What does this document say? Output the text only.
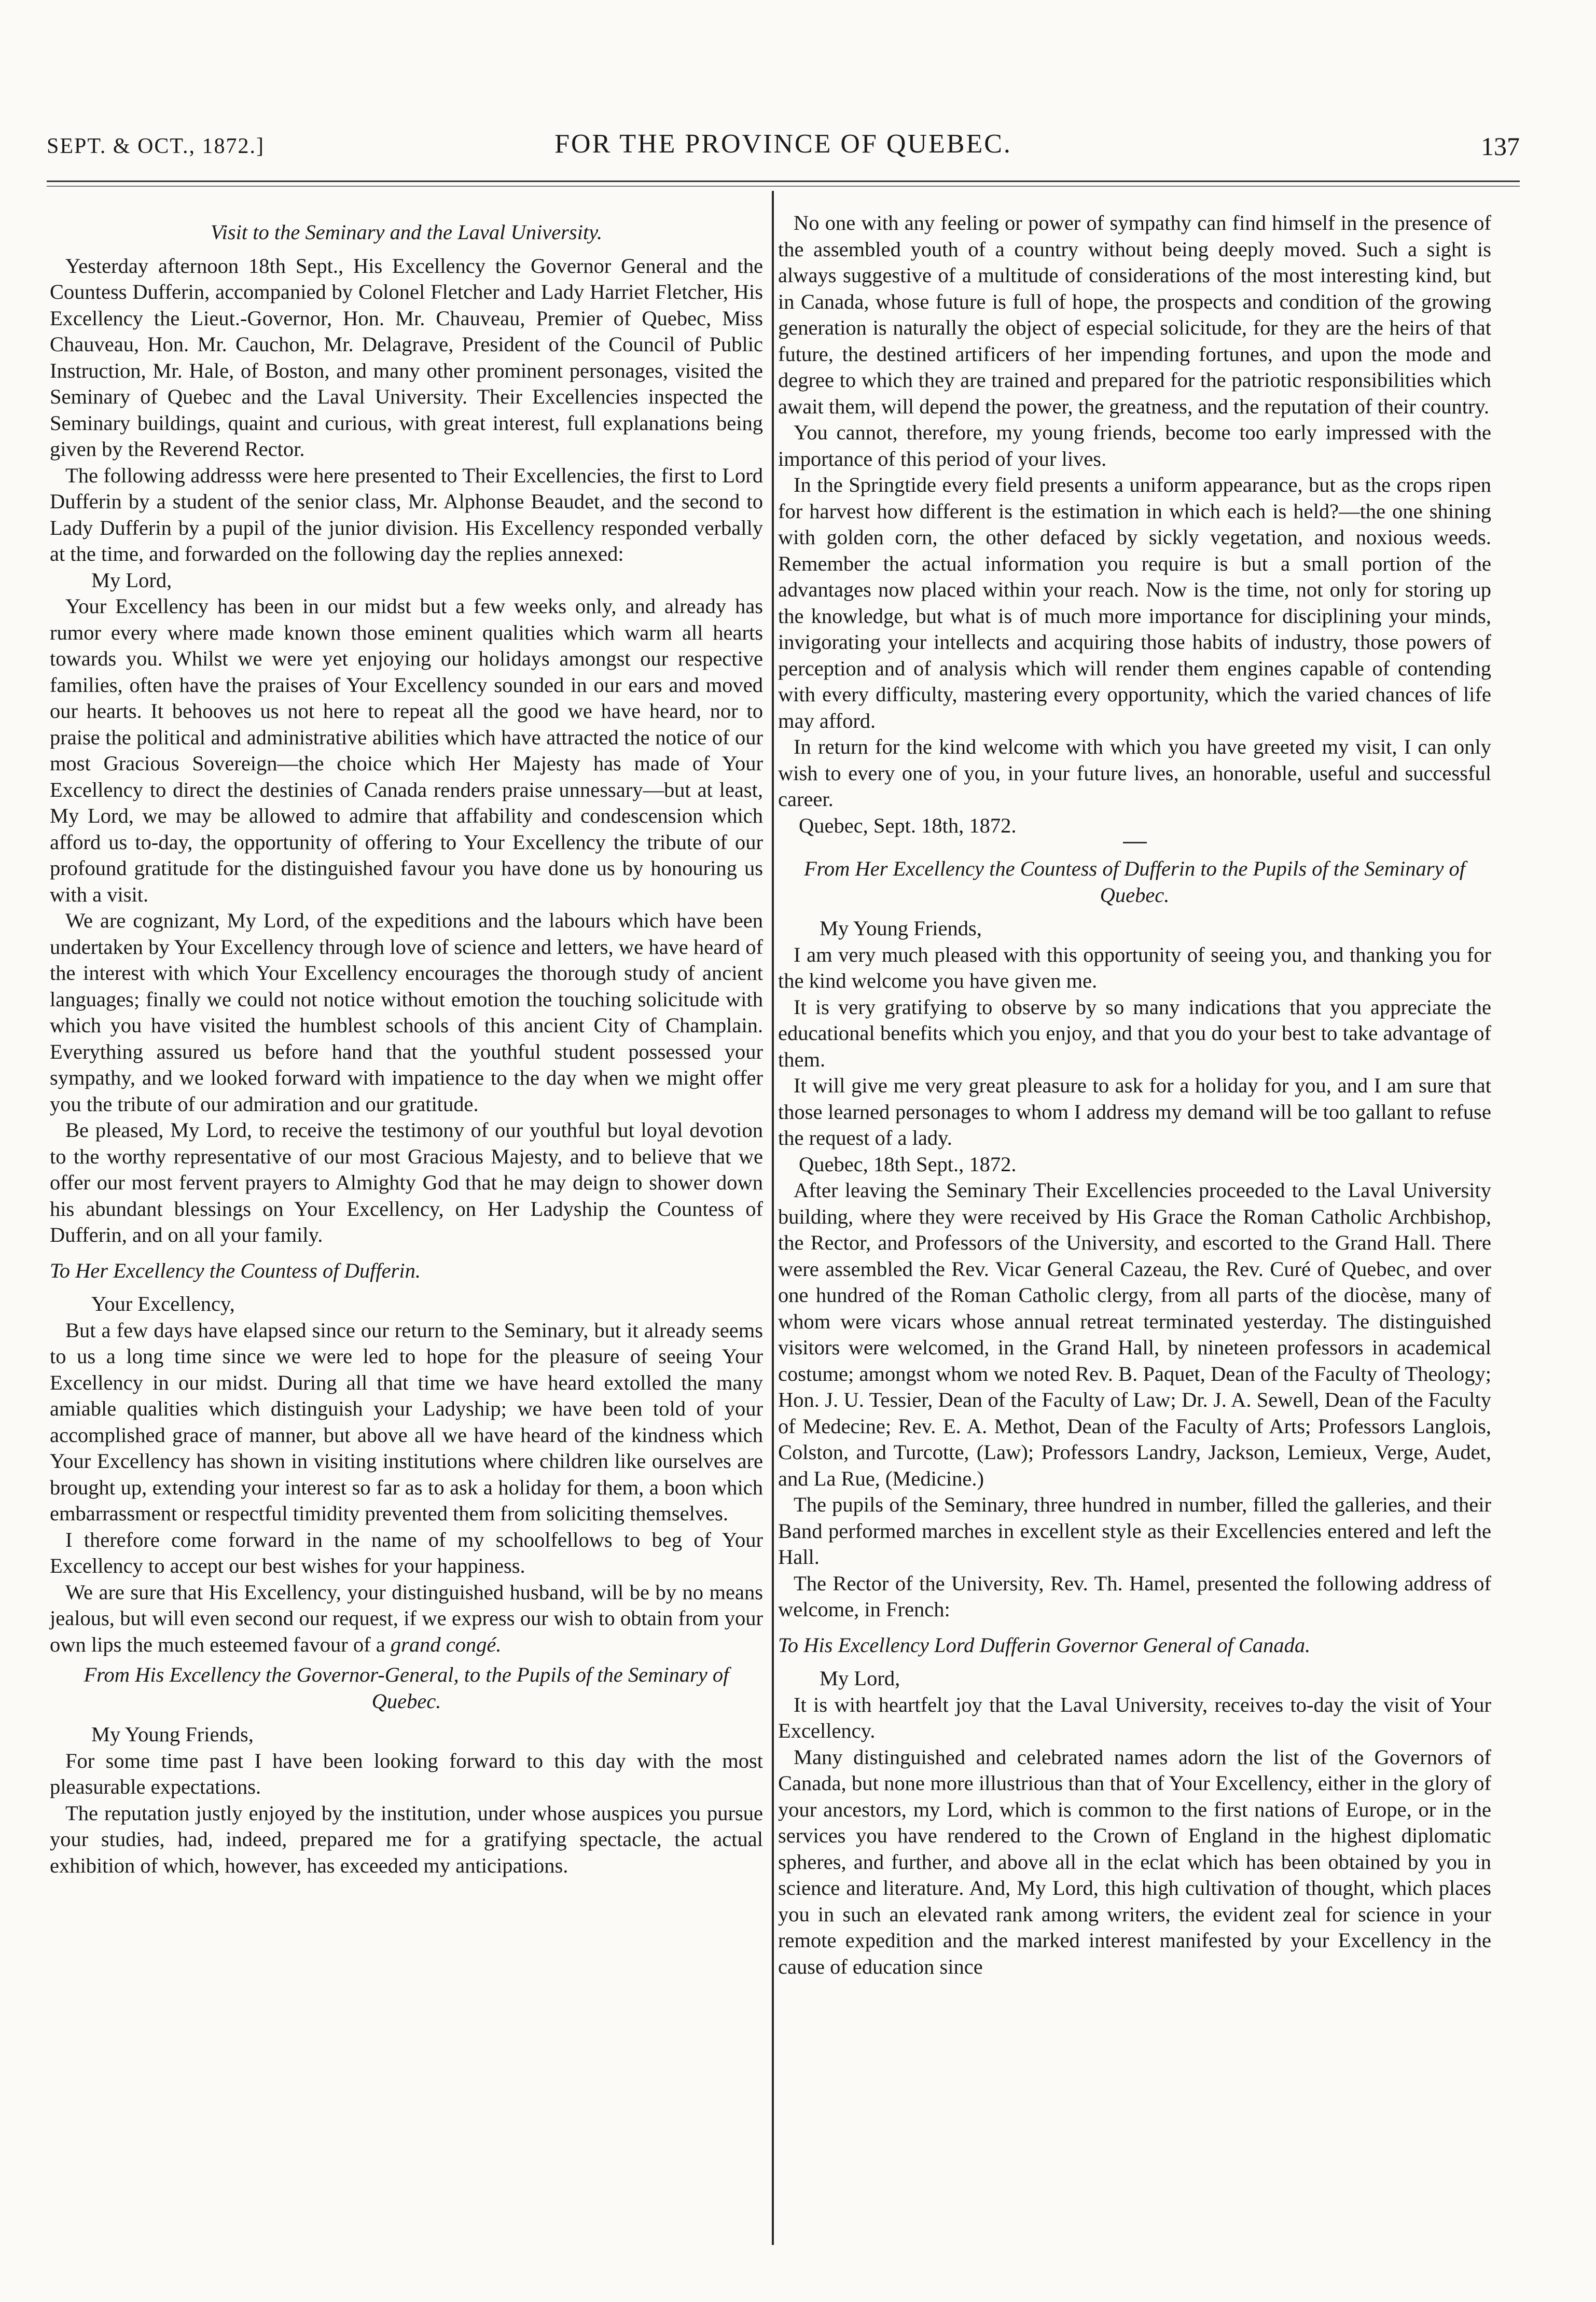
SEPT. & OCT., 1872.]	FOR THE PROVINCE OF QUEBEC.	137

Visit to the Seminary and the Laval University.

Yesterday afternoon 18th Sept., His Excellency the Governor General and the Countess Dufferin, accompanied by Colonel Fletcher and Lady Harriet Fletcher, His Excellency the Lieut.-Governor, Hon. Mr. Chauveau, Premier of Quebec, Miss Chauveau, Hon. Mr. Cauchon, Mr. Delagrave, President of the Council of Public Instruction, Mr. Hale, of Boston, and many other prominent personages, visited the Seminary of Quebec and the Laval University. Their Excellencies inspected the Seminary buildings, quaint and curious, with great interest, full explanations being given by the Reverend Rector.

The following addresss were here presented to Their Excellencies, the first to Lord Dufferin by a student of the senior class, Mr. Alphonse Beaudet, and the second to Lady Dufferin by a pupil of the junior division. His Excellency responded verbally at the time, and forwarded on the following day the replies annexed:

My Lord,

Your Excellency has been in our midst but a few weeks only, and already has rumor every where made known those eminent qualities which warm all hearts towards you. Whilst we were yet enjoying our holidays amongst our respective families, often have the praises of Your Excellency sounded in our ears and moved our hearts. It behooves us not here to repeat all the good we have heard, nor to praise the political and administrative abilities which have attracted the notice of our most Gracious Sovereign—the choice which Her Majesty has made of Your Excellency to direct the destinies of Canada renders praise unnessary—but at least, My Lord, we may be allowed to admire that affability and condescension which afford us to-day, the opportunity of offering to Your Excellency the tribute of our profound gratitude for the distinguished favour you have done us by honouring us with a visit.

We are cognizant, My Lord, of the expeditions and the labours which have been undertaken by Your Excellency through love of science and letters, we have heard of the interest with which Your Excellency encourages the thorough study of ancient languages; finally we could not notice without emotion the touching solicitude with which you have visited the humblest schools of this ancient City of Champlain. Everything assured us before hand that the youthful student possessed your sympathy, and we looked forward with impatience to the day when we might offer you the tribute of our admiration and our gratitude.

Be pleased, My Lord, to receive the testimony of our youthful but loyal devotion to the worthy representative of our most Gracious Majesty, and to believe that we offer our most fervent prayers to Almighty God that he may deign to shower down his abundant blessings on Your Excellency, on Her Ladyship the Countess of Dufferin, and on all your family.

To Her Excellency the Countess of Dufferin.

Your Excellency,

But a few days have elapsed since our return to the Seminary, but it already seems to us a long time since we were led to hope for the pleasure of seeing Your Excellency in our midst. During all that time we have heard extolled the many amiable qualities which distinguish your Ladyship; we have been told of your accomplished grace of manner, but above all we have heard of the kindness which Your Excellency has shown in visiting institutions where children like ourselves are brought up, extending your interest so far as to ask a holiday for them, a boon which embarrassment or respectful timidity prevented them from soliciting themselves.

I therefore come forward in the name of my schoolfellows to beg of Your Excellency to accept our best wishes for your happiness.

We are sure that His Excellency, your distinguished husband, will be by no means jealous, but will even second our request, if we express our wish to obtain from your own lips the much esteemed favour of a grand congé.

From His Excellency the Governor-General, to the Pupils of the Seminary of Quebec.

My Young Friends,

For some time past I have been looking forward to this day with the most pleasurable expectations.

The reputation justly enjoyed by the institution, under whose auspices you pursue your studies, had, indeed, prepared me for a gratifying spectacle, the actual exhibition of which, however, has exceeded my anticipations.

No one with any feeling or power of sympathy can find himself in the presence of the assembled youth of a country without being deeply moved. Such a sight is always suggestive of a multitude of considerations of the most interesting kind, but in Canada, whose future is full of hope, the prospects and condition of the growing generation is naturally the object of especial solicitude, for they are the heirs of that future, the destined artificers of her impending fortunes, and upon the mode and degree to which they are trained and prepared for the patriotic responsibilities which await them, will depend the power, the greatness, and the reputation of their country.

You cannot, therefore, my young friends, become too early impressed with the importance of this period of your lives.

In the Springtide every field presents a uniform appearance, but as the crops ripen for harvest how different is the estimation in which each is held?—the one shining with golden corn, the other defaced by sickly vegetation, and noxious weeds. Remember the actual information you require is but a small portion of the advantages now placed within your reach. Now is the time, not only for storing up the knowledge, but what is of much more importance for disciplining your minds, invigorating your intellects and acquiring those habits of industry, those powers of perception and of analysis which will render them engines capable of contending with every difficulty, mastering every opportunity, which the varied chances of life may afford.

In return for the kind welcome with which you have greeted my visit, I can only wish to every one of you, in your future lives, an honorable, useful and successful career.

Quebec, Sept. 18th, 1872.

From Her Excellency the Countess of Dufferin to the Pupils of the Seminary of Quebec.

My Young Friends,

I am very much pleased with this opportunity of seeing you, and thanking you for the kind welcome you have given me.

It is very gratifying to observe by so many indications that you appreciate the educational benefits which you enjoy, and that you do your best to take advantage of them.

It will give me very great pleasure to ask for a holiday for you, and I am sure that those learned personages to whom I address my demand will be too gallant to refuse the request of a lady.

Quebec, 18th Sept., 1872.

After leaving the Seminary Their Excellencies proceeded to the Laval University building, where they were received by His Grace the Roman Catholic Archbishop, the Rector, and Professors of the University, and escorted to the Grand Hall. There were assembled the Rev. Vicar General Cazeau, the Rev. Curé of Quebec, and over one hundred of the Roman Catholic clergy, from all parts of the diocèse, many of whom were vicars whose annual retreat terminated yesterday. The distinguished visitors were welcomed, in the Grand Hall, by nineteen professors in academical costume; amongst whom we noted Rev. B. Paquet, Dean of the Faculty of Theology; Hon. J. U. Tessier, Dean of the Faculty of Law; Dr. J. A. Sewell, Dean of the Faculty of Medecine; Rev. E. A. Methot, Dean of the Faculty of Arts; Professors Langlois, Colston, and Turcotte, (Law); Professors Landry, Jackson, Lemieux, Verge, Audet, and La Rue, (Medicine.)

The pupils of the Seminary, three hundred in number, filled the galleries, and their Band performed marches in excellent style as their Excellencies entered and left the Hall.

The Rector of the University, Rev. Th. Hamel, presented the following address of welcome, in French:

To His Excellency Lord Dufferin Governor General of Canada.

My Lord,

It is with heartfelt joy that the Laval University, receives to-day the visit of Your Excellency.

Many distinguished and celebrated names adorn the list of the Governors of Canada, but none more illustrious than that of Your Excellency, either in the glory of your ancestors, my Lord, which is common to the first nations of Europe, or in the services you have rendered to the Crown of England in the highest diplomatic spheres, and further, and above all in the eclat which has been obtained by you in science and literature. And, My Lord, this high cultivation of thought, which places you in such an elevated rank among writers, the evident zeal for science in your remote expedition and the marked interest manifested by your Excellency in the cause of education since
